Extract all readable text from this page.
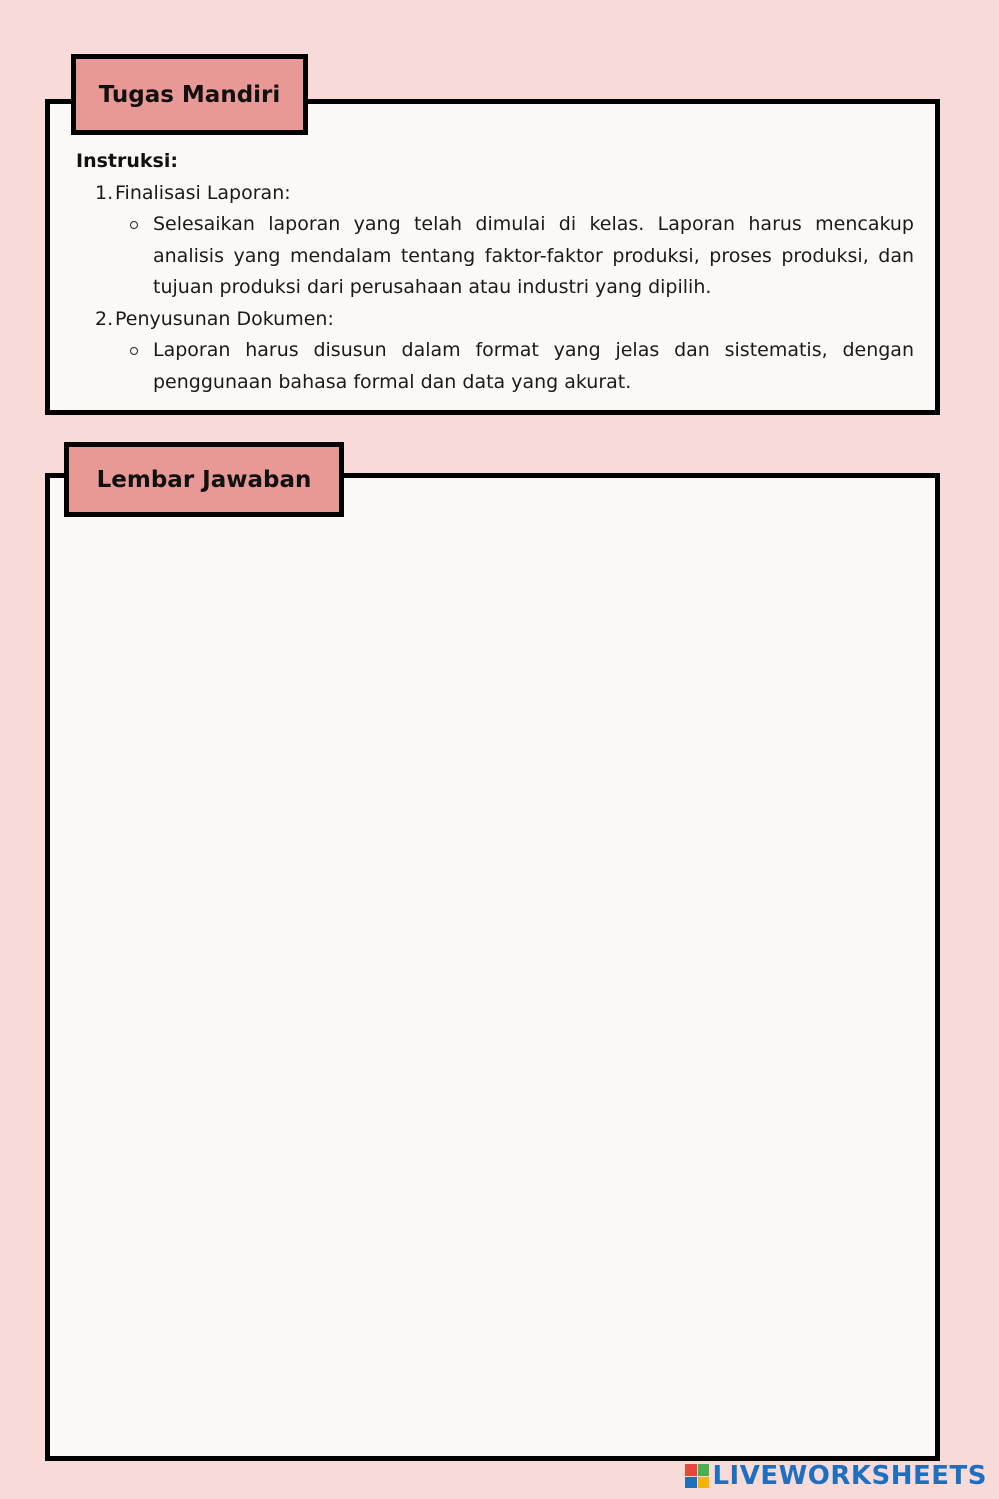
Tugas Mandiri
Instruksi:
1. Finalisasi Laporan:
Selesaikan laporan yang telah dimulai di kelas. Laporan harus mencakup analisis yang mendalam tentang faktor-faktor produksi, proses produksi, dan tujuan produksi dari perusahaan atau industri yang dipilih.
2. Penyusunan Dokumen:
Laporan harus disusun dalam format yang jelas dan sistematis, dengan penggunaan bahasa formal dan data yang akurat.
Lembar Jawaban
LIVEWORKSHEETS
